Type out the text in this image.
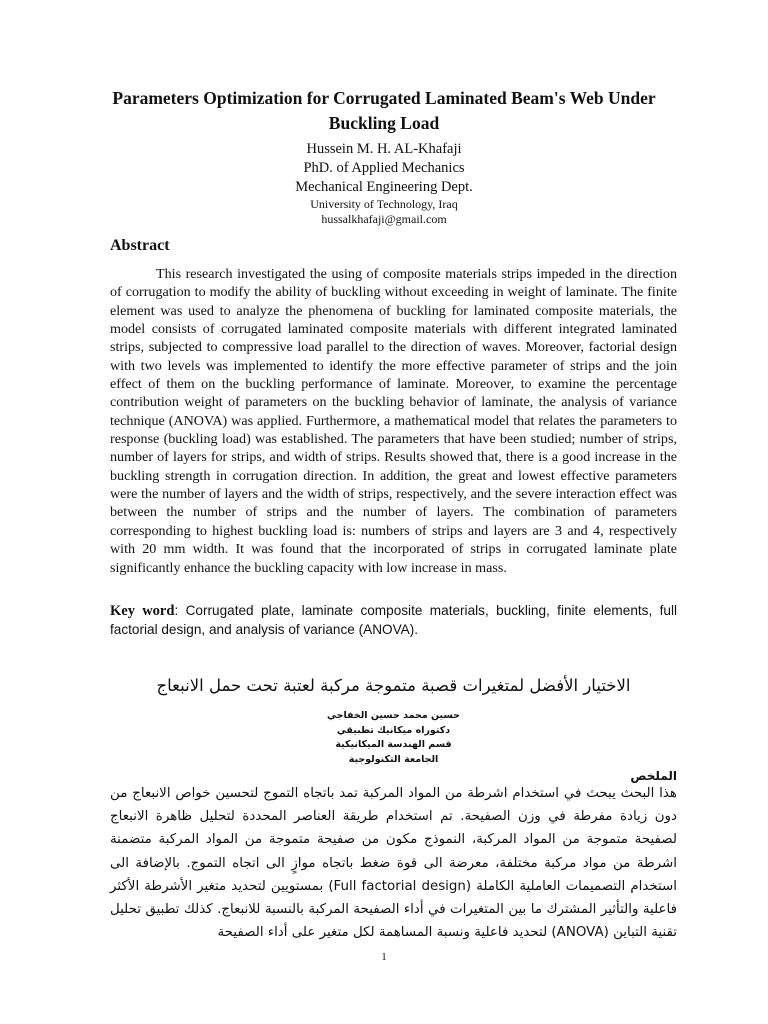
Parameters Optimization for Corrugated Laminated Beam's Web Under Buckling Load
Hussein M. H. AL-Khafaji
PhD. of Applied Mechanics
Mechanical Engineering Dept.
University of Technology, Iraq
hussalkhafaji@gmail.com
Abstract
This research investigated the using of composite materials strips impeded in the direction of corrugation to modify the ability of buckling without exceeding in weight of laminate. The finite element was used to analyze the phenomena of buckling for laminated composite materials, the model consists of corrugated laminated composite materials with different integrated laminated strips, subjected to compressive load parallel to the direction of waves. Moreover, factorial design with two levels was implemented to identify the more effective parameter of strips and the join effect of them on the buckling performance of laminate. Moreover, to examine the percentage contribution weight of parameters on the buckling behavior of laminate, the analysis of variance technique (ANOVA) was applied. Furthermore, a mathematical model that relates the parameters to response (buckling load) was established. The parameters that have been studied; number of strips, number of layers for strips, and width of strips. Results showed that, there is a good increase in the buckling strength in corrugation direction. In addition, the great and lowest effective parameters were the number of layers and the width of strips, respectively, and the severe interaction effect was between the number of strips and the number of layers. The combination of parameters corresponding to highest buckling load is: numbers of strips and layers are 3 and 4, respectively with 20 mm width. It was found that the incorporated of strips in corrugated laminate plate significantly enhance the buckling capacity with low increase in mass.
Key word: Corrugated plate, laminate composite materials, buckling, finite elements, full factorial design, and analysis of variance (ANOVA).
الاختيار الأفضل لمتغيرات قصبة متموجة مركبة لعتبة تحت حمل الانبعاج
حسين محمد حسين الخفاجي
دكتوراه ميكانيك تطبيقي
قسم الهندسة الميكانيكية
الجامعة التكنولوجية
الملخص
هذا البحث يبحث في استخدام اشرطة من المواد المركبة تمد باتجاه التموج لتحسين خواص الانبعاج من دون زيادة مفرطة في وزن الصفيحة. تم استخدام طريقة العناصر المحددة لتحليل ظاهرة الانبعاج لصفيحة متموجة من المواد المركبة، النموذج مكون من صفيحة متموجة من المواد المركبة متضمنة اشرطة من مواد مركبة مختلفة، معرضة الى قوة ضغط باتجاه موازٍ الى اتجاه التموج. بالإضافة الى استخدام التصميمات العاملية الكاملة (Full factorial design) بمستويين لتحديد متغير الأشرطة الأكثر فاعلية والتأثير المشترك ما بين المتغيرات في أداء الصفيحة المركبة بالنسبة للانبعاج. كذلك تطبيق تحليل تقنية التباين (ANOVA) لتحديد فاعلية ونسبة المساهمة لكل متغير على أداء الصفيحة
1
